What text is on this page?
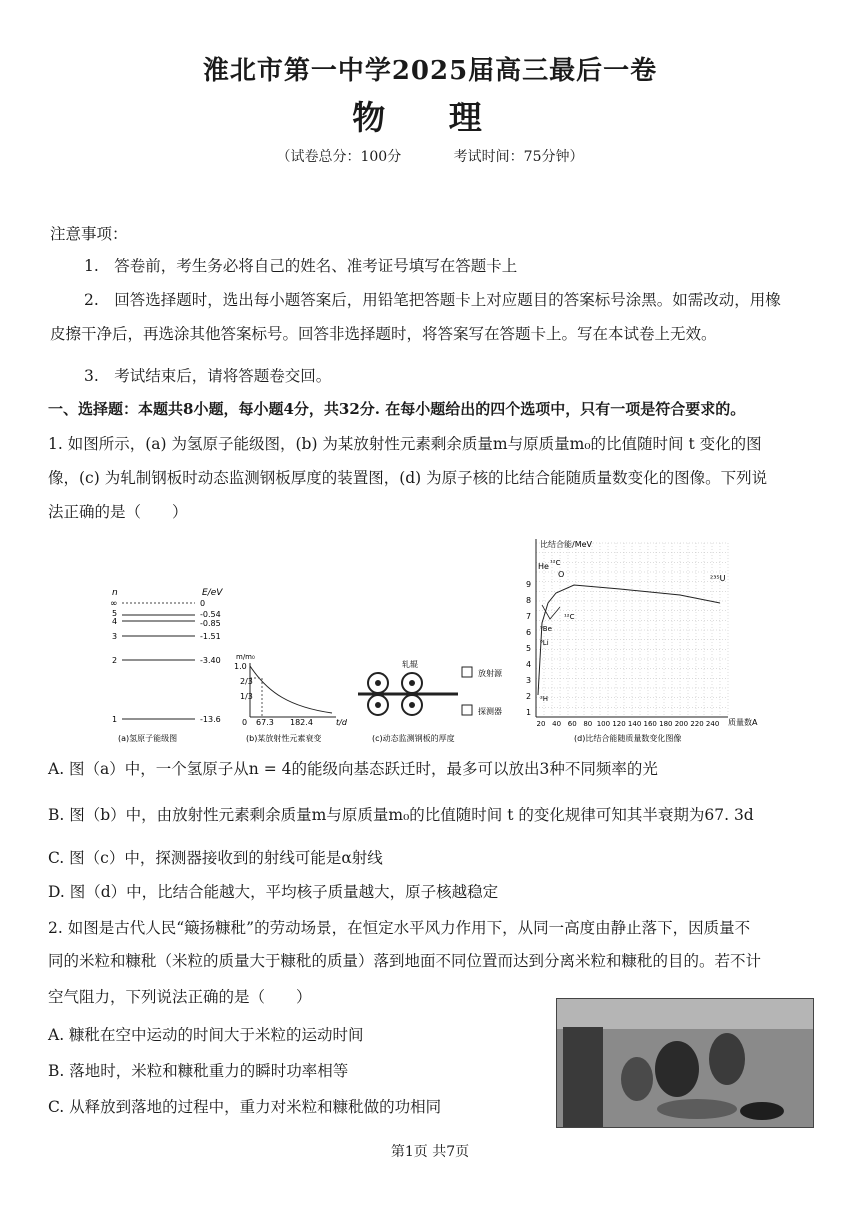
淮北市第一中学2025届高三最后一卷
物 理
（试卷总分：100分	考试时间：75分钟）
注意事项：
1.　答卷前，考生务必将自己的姓名、准考证号填写在答题卡上
2.　回答选择题时，选出每小题答案后，用铅笔把答题卡上对应题目的答案标号涂黑。如需改动，用橡
皮擦干净后，再选涂其他答案标号。回答非选择题时，将答案写在答题卡上。写在本试卷上无效。
3.　考试结束后，请将答题卷交回。
一、选择题：本题共8小题，每小题4分，共32分. 在每小题给出的四个选项中，只有一项是符合要求的。
1. 如图所示，(a) 为氢原子能级图，(b) 为某放射性元素剩余质量m与原质量m₀的比值随时间 t 变化的图
像，(c) 为轧制钢板时动态监测钢板厚度的装置图，(d) 为原子核的比结合能随质量数变化的图像。下列说
法正确的是（　　）
n	E/eV
∞
5
4
3
2
1
0
-0.54
-0.85
-1.51
-3.40
-13.6
(a)氢原子能级图
m/m₀
1.0
2/3
1/3
0 67.3 182.4	t/d
(b)某放射性元素衰变
轧辊
放射源
探测器
(c)动态监测钢板的厚度
比结合能/MeV
质量数A
9
8
7
6
5
4
3
2
1
20 40 60 80 100 120 140 160 180 200 220 240
He ¹²C
O	²³⁵U
¹²C
⁹Be
⁶Li
²H
(d)比结合能随质量数变化图像
A. 图（a）中，一个氢原子从n = 4的能级向基态跃迁时，最多可以放出3种不同频率的光
B. 图（b）中，由放射性元素剩余质量m与原质量m₀的比值随时间 t 的变化规律可知其半衰期为67. 3d
C. 图（c）中，探测器接收到的射线可能是α射线
D. 图（d）中，比结合能越大，平均核子质量越大，原子核越稳定
2. 如图是古代人民“簸扬糠秕”的劳动场景，在恒定水平风力作用下，从同一高度由静止落下，因质量不
同的米粒和糠秕（米粒的质量大于糠秕的质量）落到地面不同位置而达到分离米粒和糠秕的目的。若不计
空气阻力，下列说法正确的是（　　）
A. 糠秕在空中运动的时间大于米粒的运动时间
B. 落地时，米粒和糠秕重力的瞬时功率相等
C. 从释放到落地的过程中，重力对米粒和糠秕做的功相同
第1页 共7页
